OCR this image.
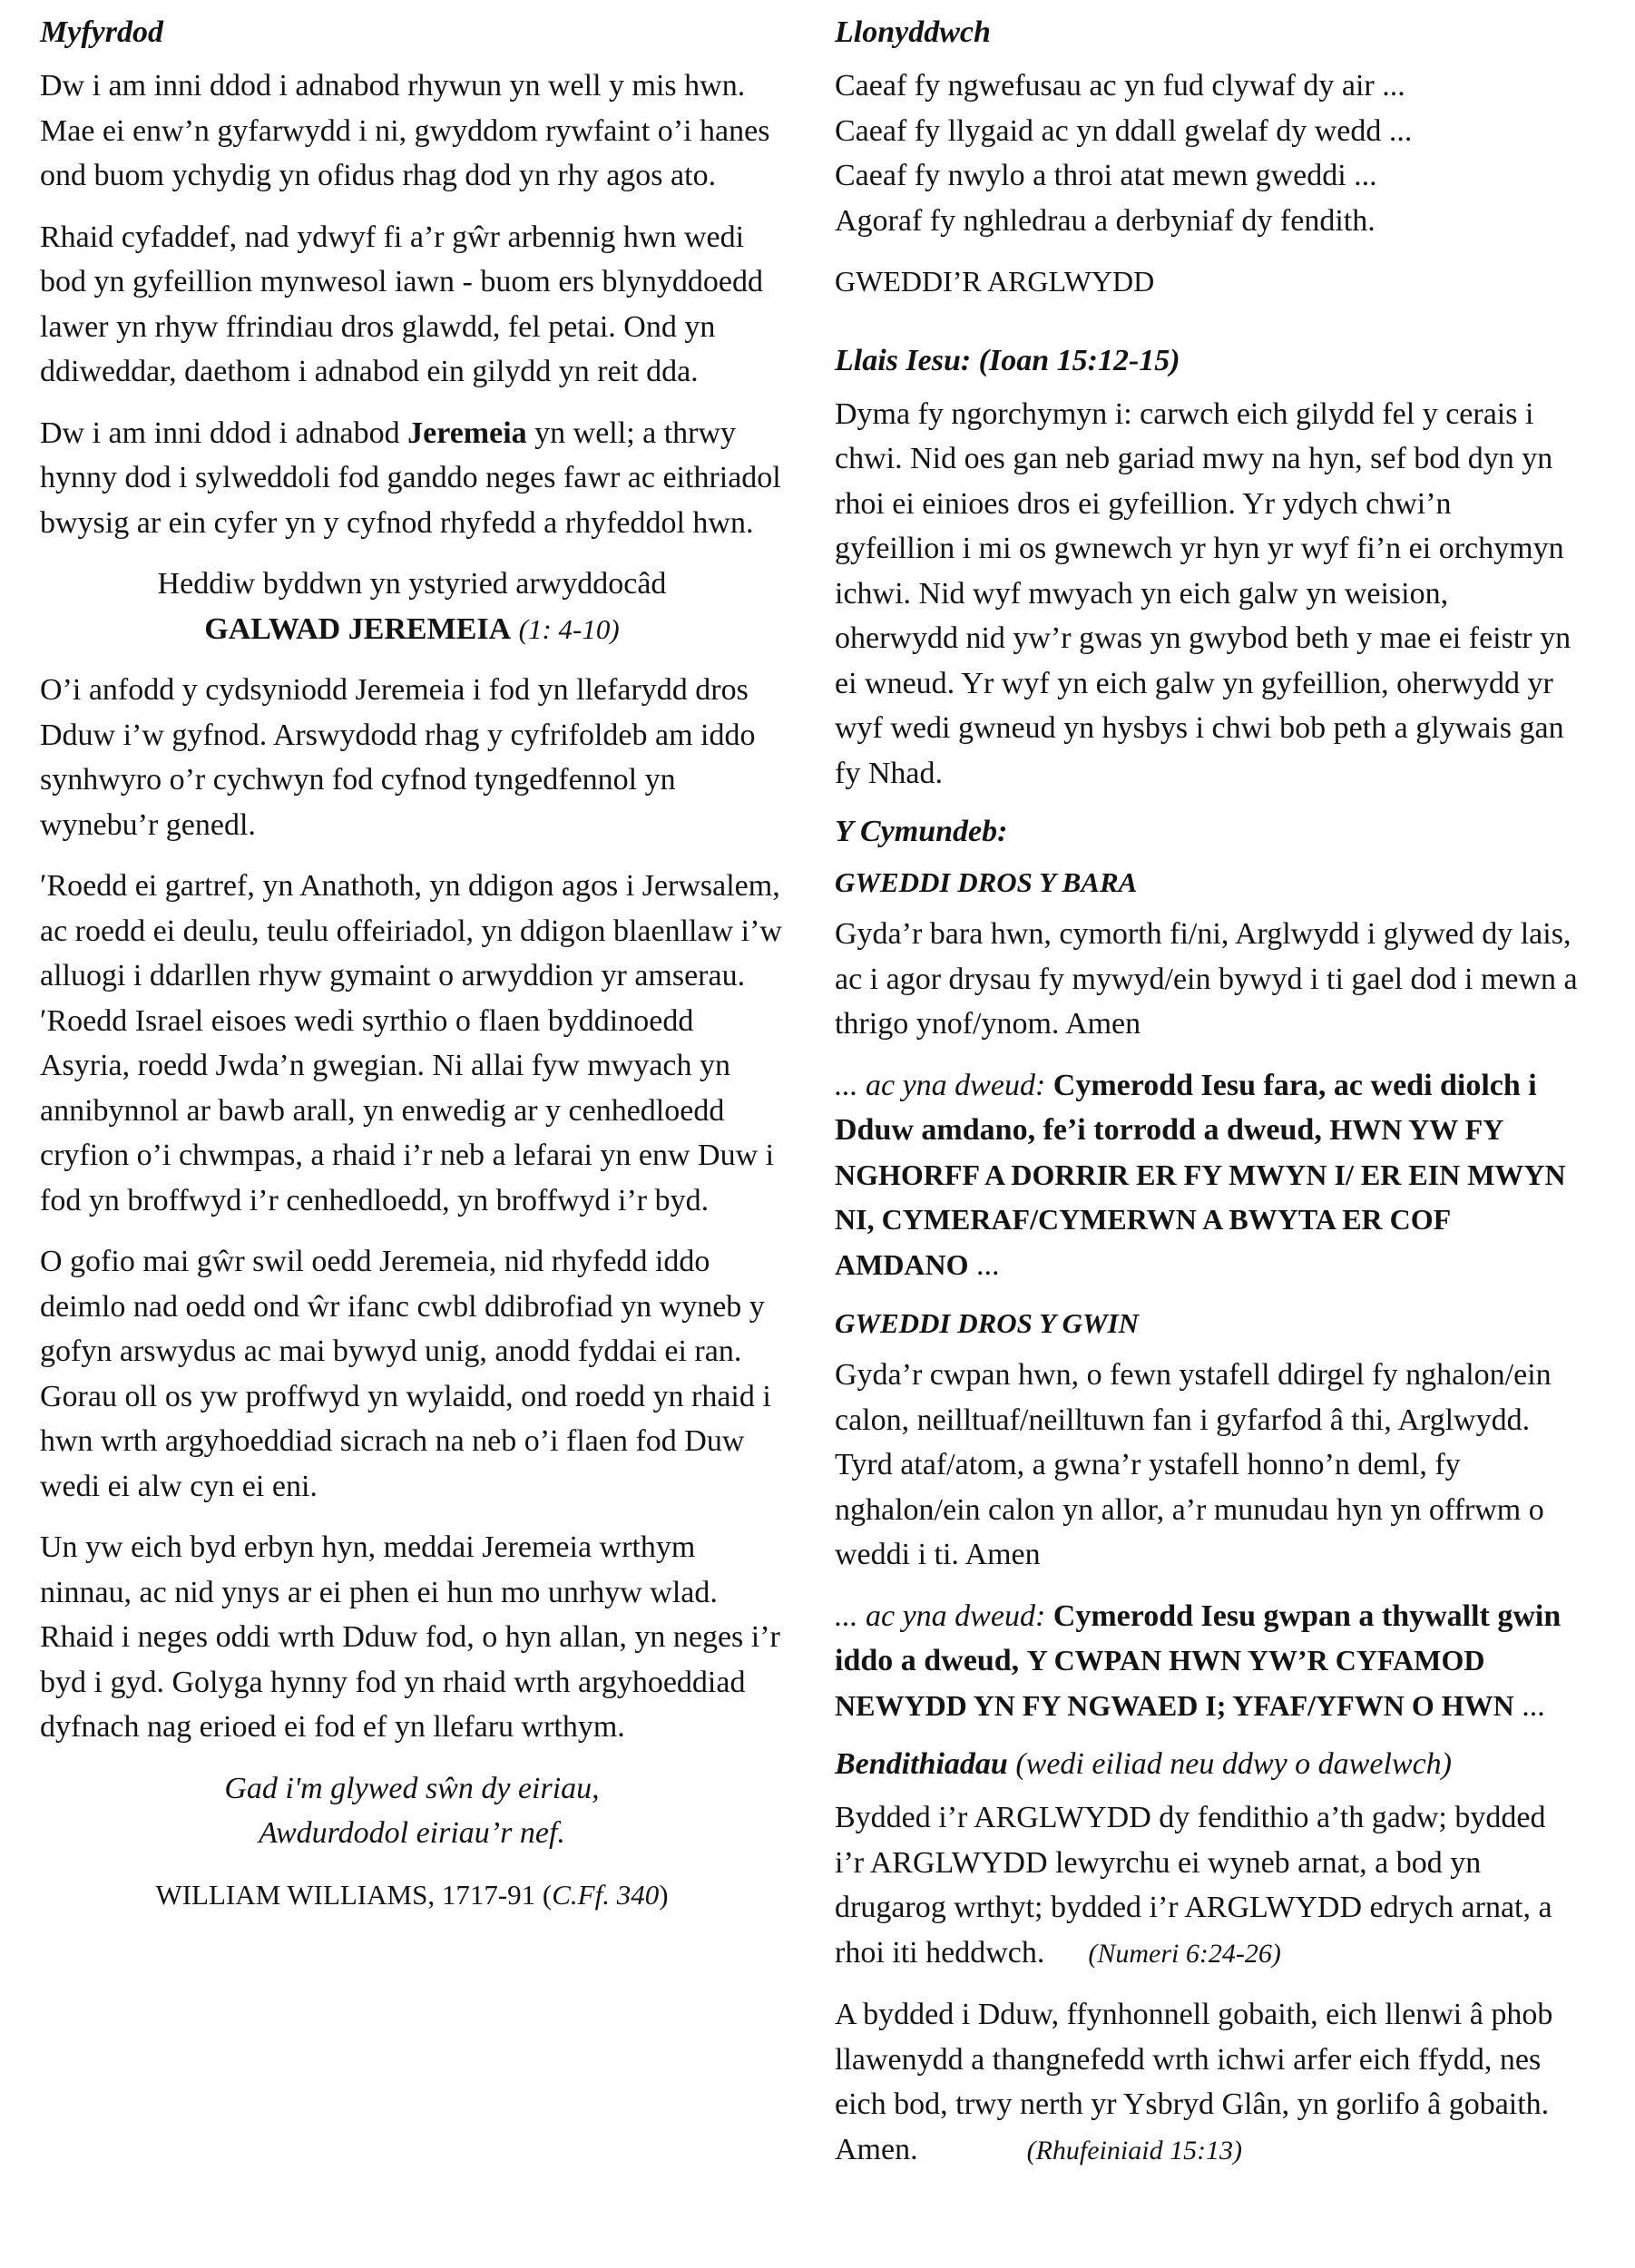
Myfyrdod

Dw i am inni ddod i adnabod rhywun yn well y mis hwn. Mae ei enw’n gyfarwydd i ni, gwyddom rywfaint o’i hanes ond buom ychydig yn ofidus rhag dod yn rhy agos ato.

Rhaid cyfaddef, nad ydwyf fi a’r gŵr arbennig hwn wedi bod yn gyfeillion mynwesol iawn - buom ers blynyddoedd lawer yn rhyw ffrindiau dros glawdd, fel petai. Ond yn ddiweddar, daethom i adnabod ein gilydd yn reit dda.

Dw i am inni ddod i adnabod Jeremeia yn well; a thrwy hynny dod i sylweddoli fod ganddo neges fawr ac eithriadol bwysig ar ein cyfer yn y cyfnod rhyfedd a rhyfeddol hwn.

Heddiw byddwn yn ystyried arwyddocâd

GALWAD JEREMEIA (1: 4-10)

O’i anfodd y cydsyniodd Jeremeia i fod yn llefarydd dros Dduw i’w gyfnod. Arswydodd rhag y cyfrifoldeb am iddo synhwyro o’r cychwyn fod cyfnod tyngedfennol yn wynebu’r genedl.

ʹRoedd ei gartref, yn Anathoth, yn ddigon agos i Jerwsalem, ac roedd ei deulu, teulu offeiriadol, yn ddigon blaenllaw i’w alluogi i ddarllen rhyw gymaint o arwyddion yr amserau. ʹRoedd Israel eisoes wedi syrthio o flaen byddinoedd Asyria, roedd Jwda’n gwegian. Ni allai fyw mwyach yn annibynnol ar bawb arall, yn enwedig ar y cenhedloedd cryfion o’i chwmpas, a rhaid i’r neb a lefarai yn enw Duw i fod yn broffwyd i’r cenhedloedd, yn broffwyd i’r byd.

O gofio mai gŵr swil oedd Jeremeia, nid rhyfedd iddo deimlo nad oedd ond ŵr ifanc cwbl ddibrofiad yn wyneb y gofyn arswydus ac mai bywyd unig, anodd fyddai ei ran. Gorau oll os yw proffwyd yn wylaidd, ond roedd yn rhaid i hwn wrth argyhoeddiad sicrach na neb o’i flaen fod Duw wedi ei alw cyn ei eni.

Un yw eich byd erbyn hyn, meddai Jeremeia wrthym ninnau, ac nid ynys ar ei phen ei hun mo unrhyw wlad. Rhaid i neges oddi wrth Dduw fod, o hyn allan, yn neges i’r byd i gyd. Golyga hynny fod yn rhaid wrth argyhoeddiad dyfnach nag erioed ei fod ef yn llefaru wrthym.

Gad i'm glywed sŵn dy eiriau,

Awdurdodol eiriau’r nef.

WILLIAM WILLIAMS, 1717-91 (C.Ff. 340)

Llonyddwch

Caeaf fy ngwefusau ac yn fud clywaf dy air ...

Caeaf fy llygaid ac yn ddall gwelaf dy wedd ...

Caeaf fy nwylo a throi atat mewn gweddi ...

Agoraf fy nghledrau a derbyniaf dy fendith.

GWEDDI’R ARGLWYDD

Llais Iesu: (Ioan 15:12-15)

Dyma fy ngorchymyn i: carwch eich gilydd fel y cerais i chwi. Nid oes gan neb gariad mwy na hyn, sef bod dyn yn rhoi ei einioes dros ei gyfeillion. Yr ydych chwi’n gyfeillion i mi os gwnewch yr hyn yr wyf fi’n ei orchymyn ichwi. Nid wyf mwyach yn eich galw yn weision, oherwydd nid yw’r gwas yn gwybod beth y mae ei feistr yn ei wneud. Yr wyf yn eich galw yn gyfeillion, oherwydd yr wyf wedi gwneud yn hysbys i chwi bob peth a glywais gan fy Nhad.

Y Cymundeb:
GWEDDI DROS Y BARA

Gyda’r bara hwn, cymorth fi/ni, Arglwydd i glywed dy lais, ac i agor drysau fy mywyd/ein bywyd i ti gael dod i mewn a thrigo ynof/ynom. Amen

... ac yna dweud: Cymerodd Iesu fara, ac wedi diolch i Dduw amdano, fe’i torrodd a dweud, HWN YW FY NGHORFF A DORRIR ER FY MWYN I/ ER EIN MWYN NI, CYMERAF/CYMERWN A BWYTA ER COF AMDANO ...

GWEDDI DROS Y GWIN

Gyda’r cwpan hwn, o fewn ystafell ddirgel fy nghalon/ein calon, neilltuaf/neilltuwn fan i gyfarfod â thi, Arglwydd. Tyrd ataf/atom, a gwna’r ystafell honno’n deml, fy nghalon/ein calon yn allor, a’r munudau hyn yn offrwm o weddi i ti. Amen

... ac yna dweud: Cymerodd Iesu gwpan a thywallt gwin iddo a dweud, Y CWPAN HWN YW’R CYFAMOD NEWYDD YN FY NGWAED I; YFAF/YFWN O HWN ...

Bendithiadau (wedi eiliad neu ddwy o dawelwch)

Bydded i’r ARGLWYDD dy fendithio a’th gadw; bydded i’r ARGLWYDD lewyrchu ei wyneb arnat, a bod yn drugarog wrthyt; bydded i’r ARGLWYDD edrych arnat, a rhoi iti heddwch. (Numeri 6:24-26)

A bydded i Dduw, ffynhonnell gobaith, eich llenwi â phob llawenydd a thangnefedd wrth ichwi arfer eich ffydd, nes eich bod, trwy nerth yr Ysbryd Glân, yn gorlifo â gobaith. Amen.	(Rhufeiniaid 15:13)
